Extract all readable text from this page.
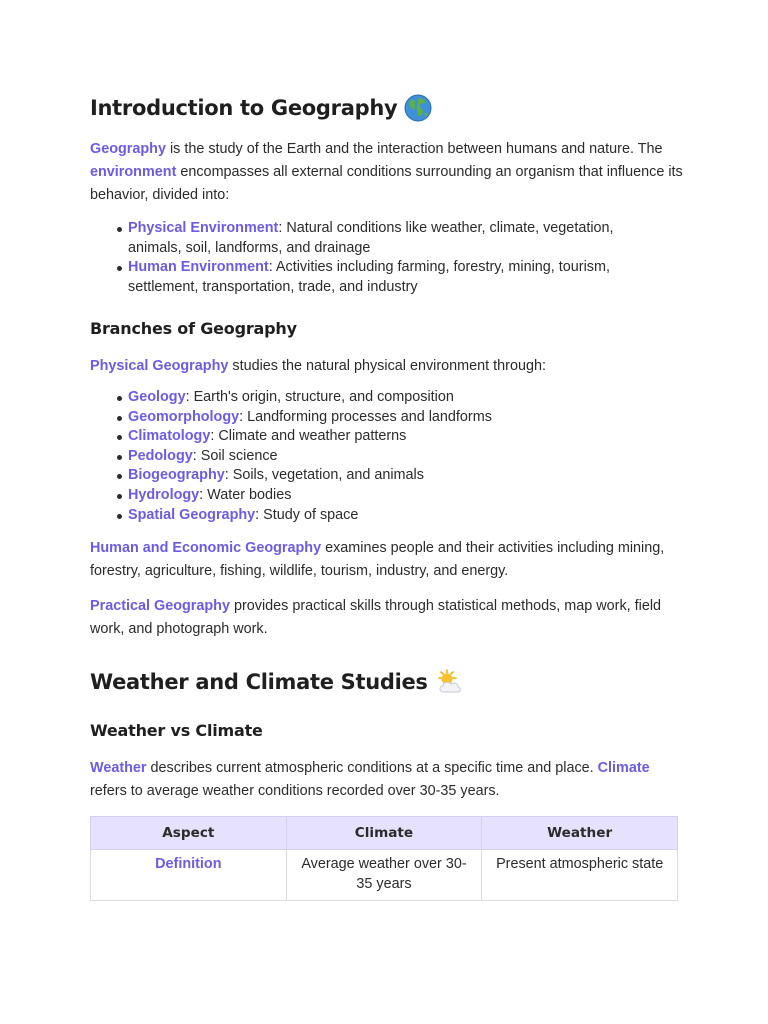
Introduction to Geography

Geography is the study of the Earth and the interaction between humans and nature. The environment encompasses all external conditions surrounding an organism that influence its behavior, divided into:

Physical Environment: Natural conditions like weather, climate, vegetation, animals, soil, landforms, and drainage
Human Environment: Activities including farming, forestry, mining, tourism, settlement, transportation, trade, and industry
Branches of Geography

Physical Geography studies the natural physical environment through:

Geology: Earth's origin, structure, and composition
Geomorphology: Landforming processes and landforms
Climatology: Climate and weather patterns
Pedology: Soil science
Biogeography: Soils, vegetation, and animals
Hydrology: Water bodies
Spatial Geography: Study of space

Human and Economic Geography examines people and their activities including mining, forestry, agriculture, fishing, wildlife, tourism, industry, and energy.

Practical Geography provides practical skills through statistical methods, map work, field work, and photograph work.

Weather and Climate Studies
Weather vs Climate

Weather describes current atmospheric conditions at a specific time and place. Climate refers to average weather conditions recorded over 30-35 years.

Aspect	Climate	Weather
Definition	Average weather over 30-35 years	Present atmospheric state
